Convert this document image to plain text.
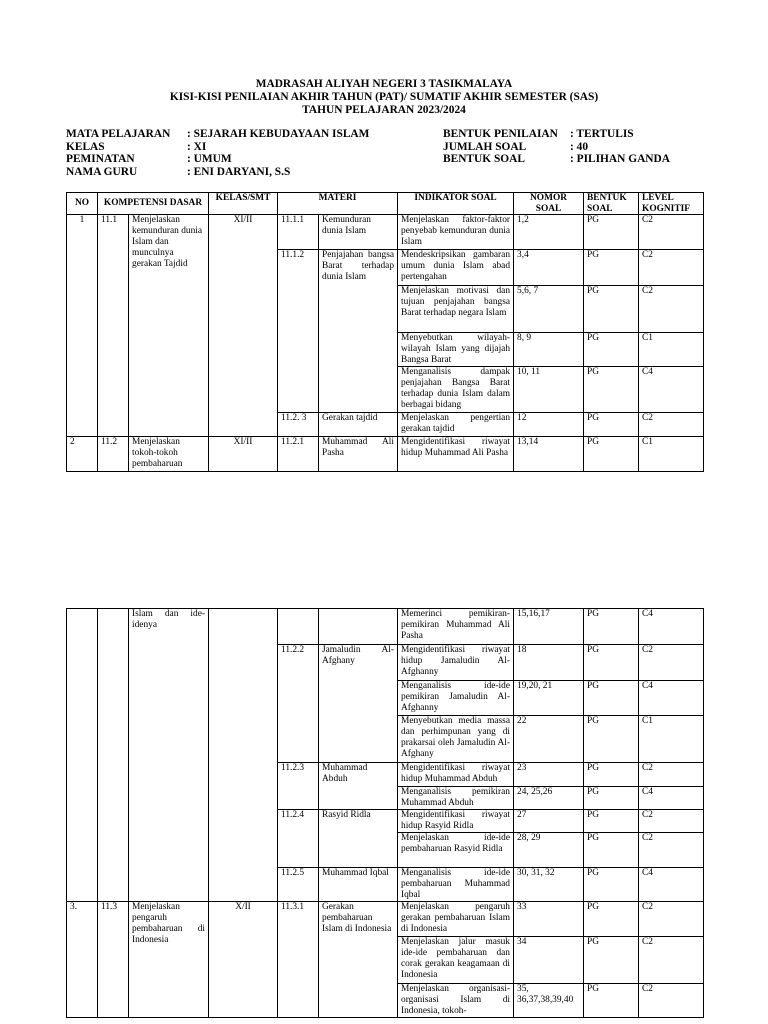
MADRASAH ALIYAH NEGERI 3 TASIKMALAYA
KISI-KISI PENILAIAN AKHIR TAHUN (PAT)/ SUMATIF AKHIR SEMESTER (SAS)
TAHUN PELAJARAN 2023/2024
MATA PELAJARAN	: SEJARAH KEBUDAYAAN ISLAM
KELAS	: XI
PEMINATAN	: UMUM
NAMA GURU	: ENI DARYANI, S.S
BENTUK PENILAIAN	: TERTULIS
JUMLAH SOAL	: 40
BENTUK SOAL	: PILIHAN GANDA
NO	KOMPETENSI DASAR		KELAS/SMT	MATERI		INDIKATOR SOAL	NOMOR SOAL	BENTUK SOAL	LEVEL KOGNITIF
1	11.1	Menjelaskan kemunduran dunia Islam dan munculnya gerakan Tajdid	XI/II	11.1.1	Kemunduran dunia Islam	Menjelaskan faktor-faktor penyebab kemunduran dunia Islam	1,2	PG	C2
				11.1.2	Penjajahan bangsa Barat terhadap dunia Islam	Mendeskripsikan gambaran umum dunia Islam abad pertengahan	3,4	PG	C2
						Menjelaskan motivasi dan tujuan penjajahan bangsa Barat terhadap negara Islam	5,6, 7	PG	C2
						Menyebutkan wilayah-wilayah Islam yang dijajah Bangsa Barat	8, 9	PG	C1
						Menganalisis dampak penjajahan Bangsa Barat terhadap dunia Islam dalam berbagai bidang	10, 11	PG	C4
				11.2. 3	Gerakan tajdid	Menjelaskan pengertian gerakan tajdid	12	PG	C2
2	11.2	Menjelaskan tokoh-tokoh pembaharuan	XI/II	11.2.1	Muhammad Ali Pasha	Mengidentifikasi riwayat hidup Muhammad Ali Pasha	13,14	PG	C1
		Islam dan ide-idenya				Memerinci pemikiran-pemikiran Muhammad Ali Pasha	15,16,17	PG	C4
				11.2.2	Jamaludin Al-Afghany	Mengidentifikasi riwayat hidup Jamaludin Al-Afghanny	18	PG	C2
						Menganalisis ide-ide pemikiran Jamaludin Al-Afghanny	19,20, 21	PG	C4
						Menyebutkan media massa dan perhimpunan yang di prakarsai oleh Jamaludin Al-Afghany	22	PG	C1
				11.2.3	Muhammad Abduh	Mengidentifikasi riwayat hidup Muhammad Abduh	23	PG	C2
						Menganalisis pemikiran Muhammad Abduh	24, 25,26	PG	C4
				11.2.4	Rasyid Ridla	Mengidentifikasi riwayat hidup Rasyid Ridla	27	PG	C2
						Menjelaskan ide-ide pembaharuan Rasyid Ridla	28, 29	PG	C2
				11.2.5	Muhammad Iqbal	Menganalisis ide-ide pembaharuan Muhammad Iqbal	30, 31, 32	PG	C4
3.	11.3	Menjelaskan pengaruh pembaharuan di Indonesia	X/II	11.3.1	Gerakan pembaharuan Islam di Indonesia	Menjelaskan pengaruh gerakan pembaharuan Islam di Indonesia	33	PG	C2
						Menjelaskan jalur masuk ide-ide pembaharuan dan corak gerakan keagamaan di Indonesia	34	PG	C2
						Menjelaskan organisasi-organisasi Islam di Indonesia, tokoh-	35, 36,37,38,39,40	PG	C2
